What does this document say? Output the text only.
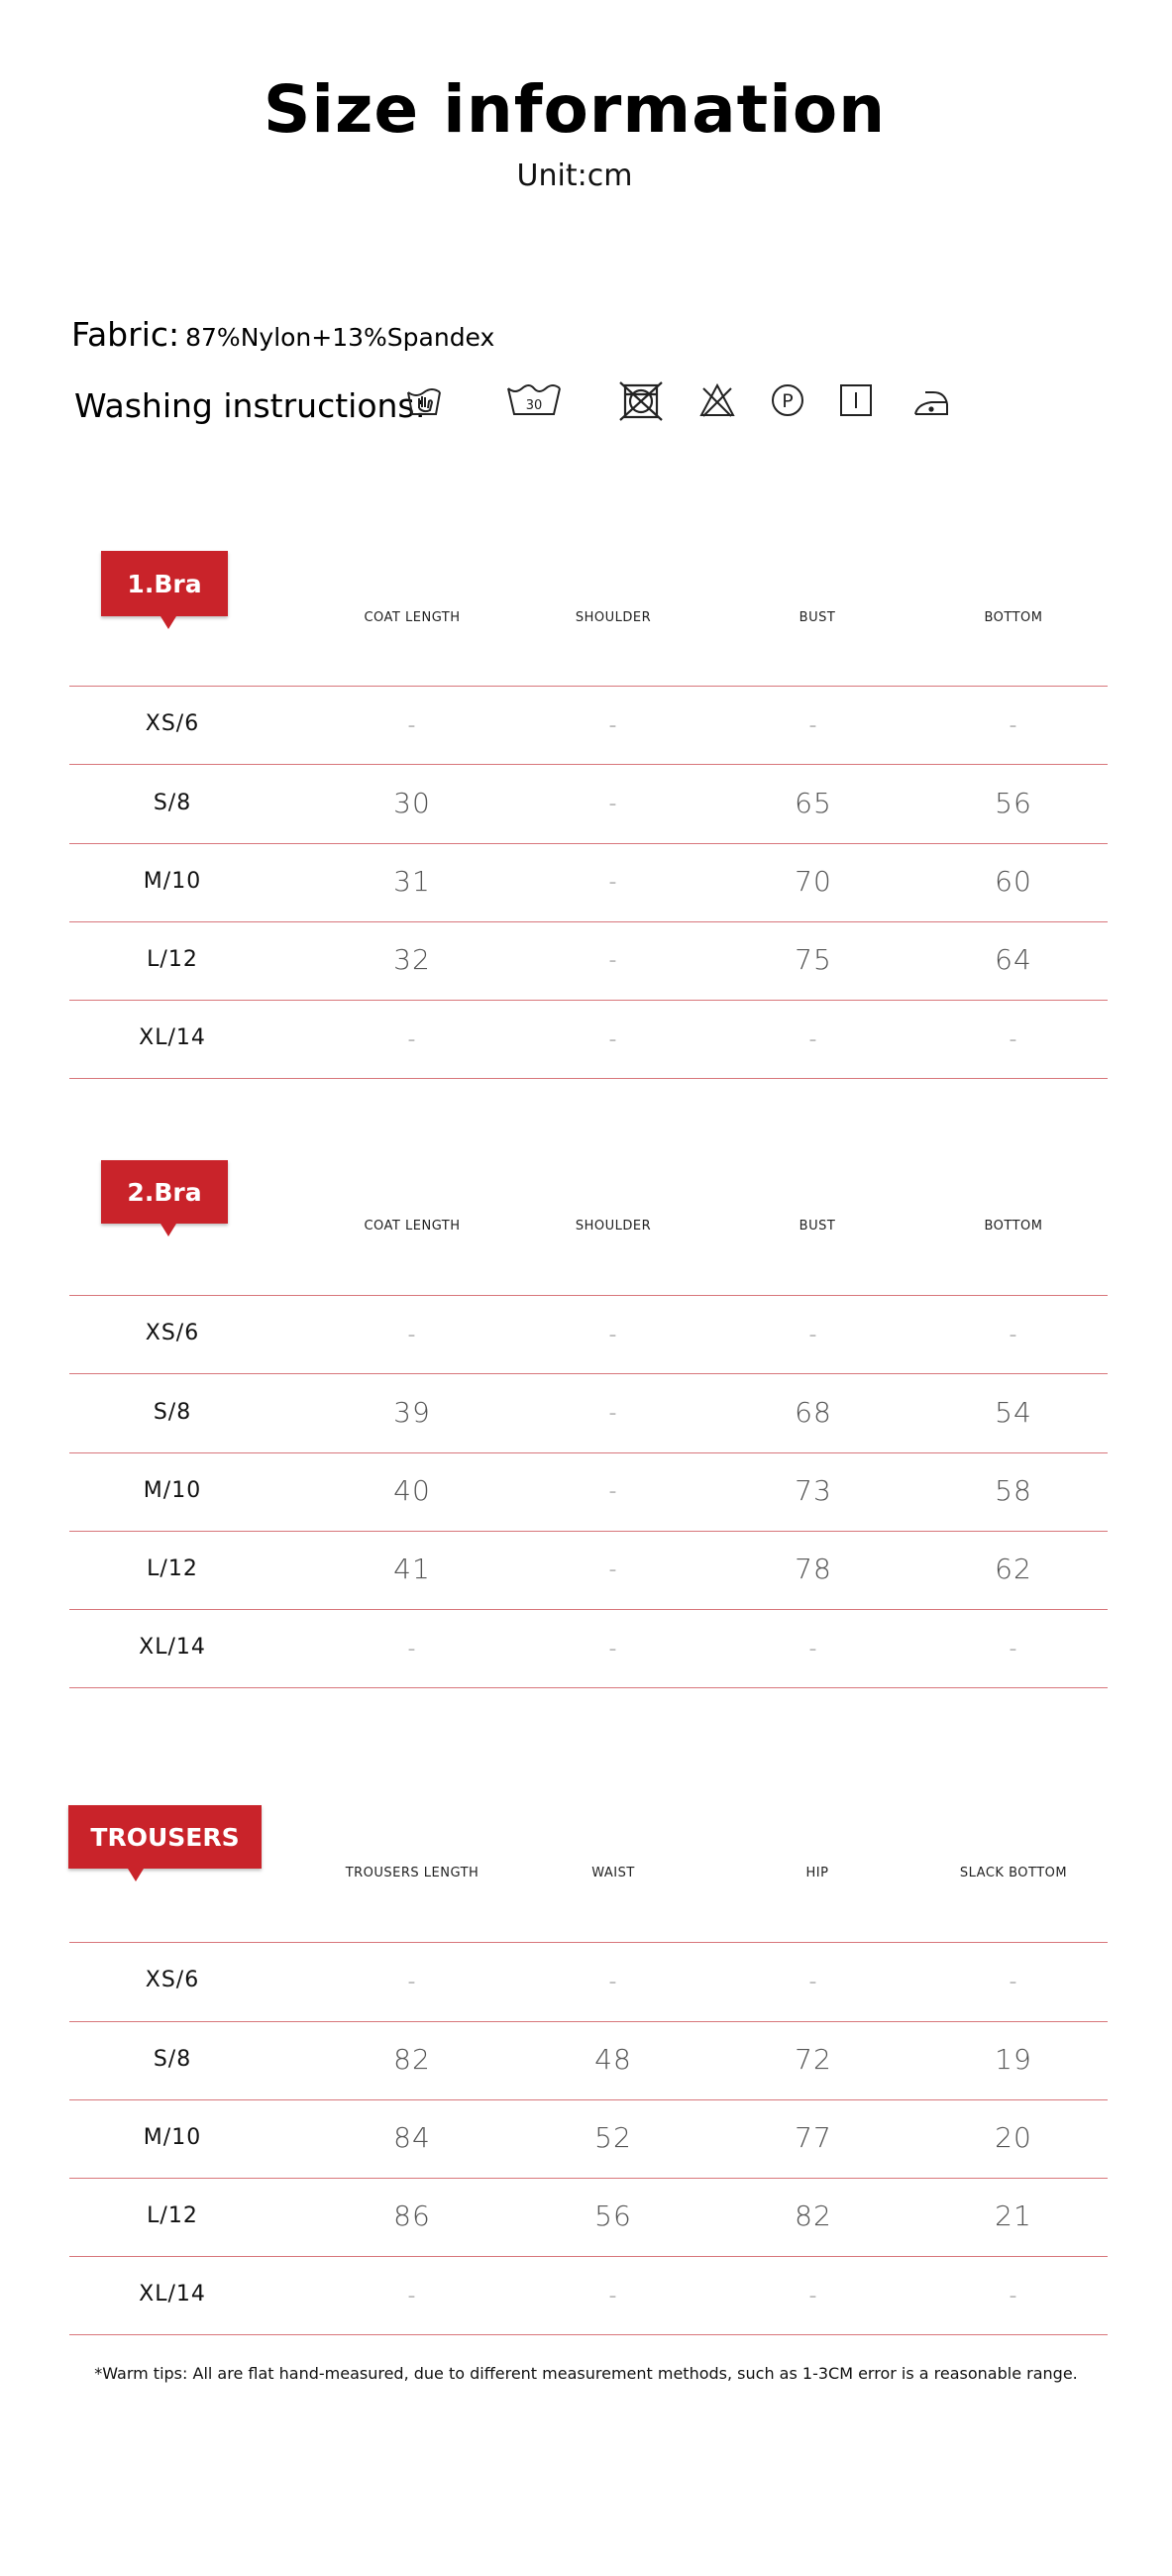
Size information
Unit:cm
Fabric: 87%Nylon+13%Spandex
Washing instructions:	30	P
1.Bra
COAT LENGTH	SHOULDER	BUST	BOTTOM
XS/6	-	-	-	-
S/8	30	-	65	56
M/10	31	-	70	60
L/12	32	-	75	64
XL/14	-	-	-	-
2.Bra
COAT LENGTH	SHOULDER	BUST	BOTTOM
XS/6	-	-	-	-
S/8	39	-	68	54
M/10	40	-	73	58
L/12	41	-	78	62
XL/14	-	-	-	-
TROUSERS
TROUSERS LENGTH	WAIST	HIP	SLACK BOTTOM
XS/6	-	-	-	-
S/8	82	48	72	19
M/10	84	52	77	20
L/12	86	56	82	21
XL/14	-	-	-	-
*Warm tips: All are flat hand-measured, due to different measurement methods, such as 1-3CM error is a reasonable range.
